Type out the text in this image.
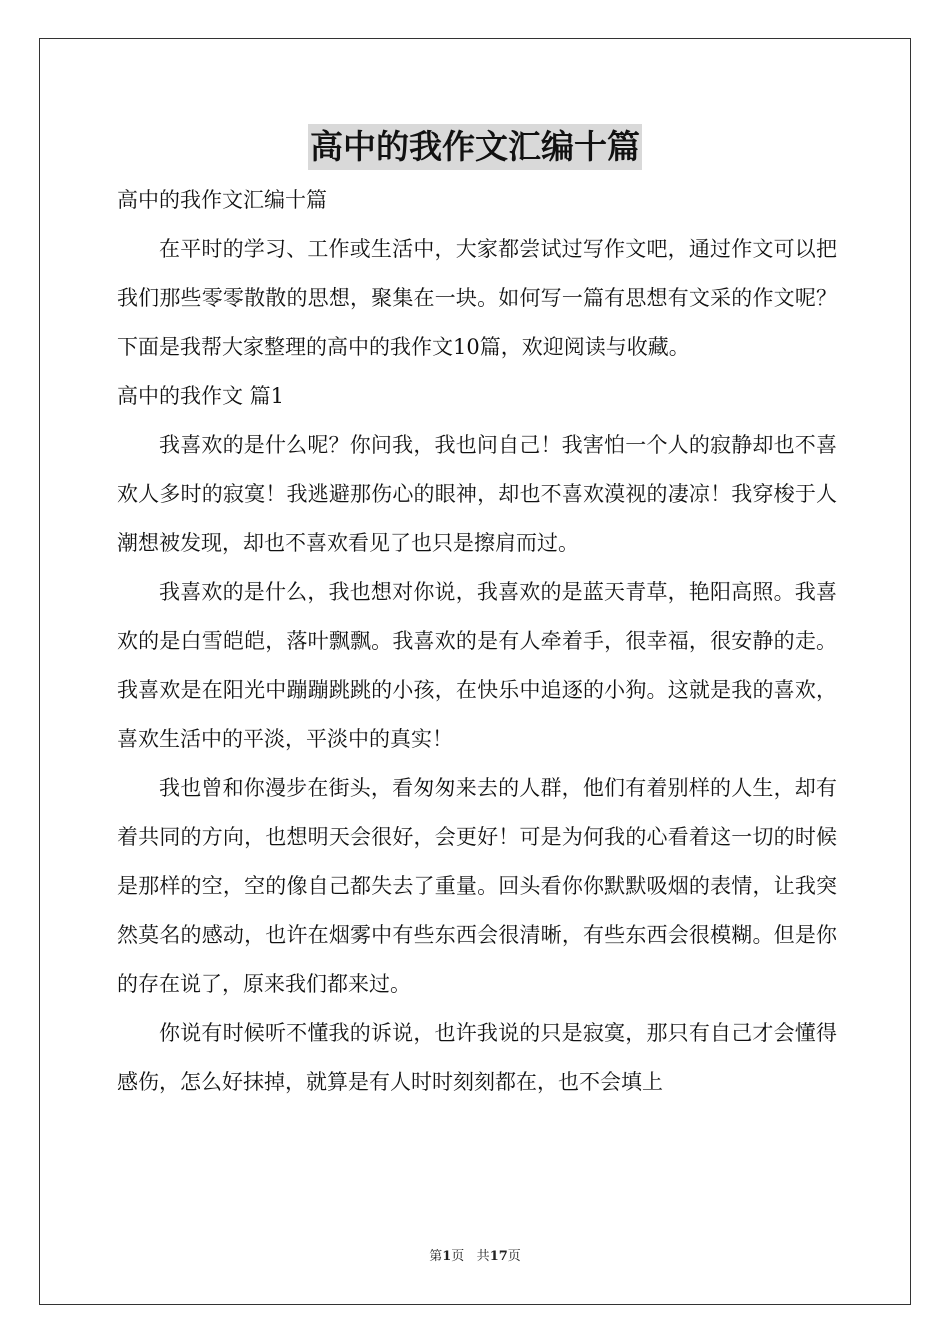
高中的我作文汇编十篇

高中的我作文汇编十篇

在平时的学习、工作或生活中，大家都尝试过写作文吧，通过作文可以把我们那些零零散散的思想，聚集在一块。如何写一篇有思想有文采的作文呢？下面是我帮大家整理的高中的我作文10篇，欢迎阅读与收藏。

高中的我作文 篇1

我喜欢的是什么呢？你问我，我也问自己！我害怕一个人的寂静却也不喜欢人多时的寂寞！我逃避那伤心的眼神，却也不喜欢漠视的凄凉！我穿梭于人潮想被发现，却也不喜欢看见了也只是擦肩而过。

我喜欢的是什么，我也想对你说，我喜欢的是蓝天青草，艳阳高照。我喜欢的是白雪皑皑，落叶飘飘。我喜欢的是有人牵着手，很幸福，很安静的走。我喜欢是在阳光中蹦蹦跳跳的小孩，在快乐中追逐的小狗。这就是我的喜欢，喜欢生活中的平淡，平淡中的真实！

我也曾和你漫步在街头，看匆匆来去的人群，他们有着别样的人生，却有着共同的方向，也想明天会很好，会更好！可是为何我的心看着这一切的时候是那样的空，空的像自己都失去了重量。回头看你你默默吸烟的表情，让我突然莫名的感动，也许在烟雾中有些东西会很清晰，有些东西会很模糊。但是你的存在说了，原来我们都来过。

你说有时候听不懂我的诉说，也许我说的只是寂寞，那只有自己才会懂得感伤，怎么好抹掉，就算是有人时时刻刻都在，也不会填上

第1页 共17页
